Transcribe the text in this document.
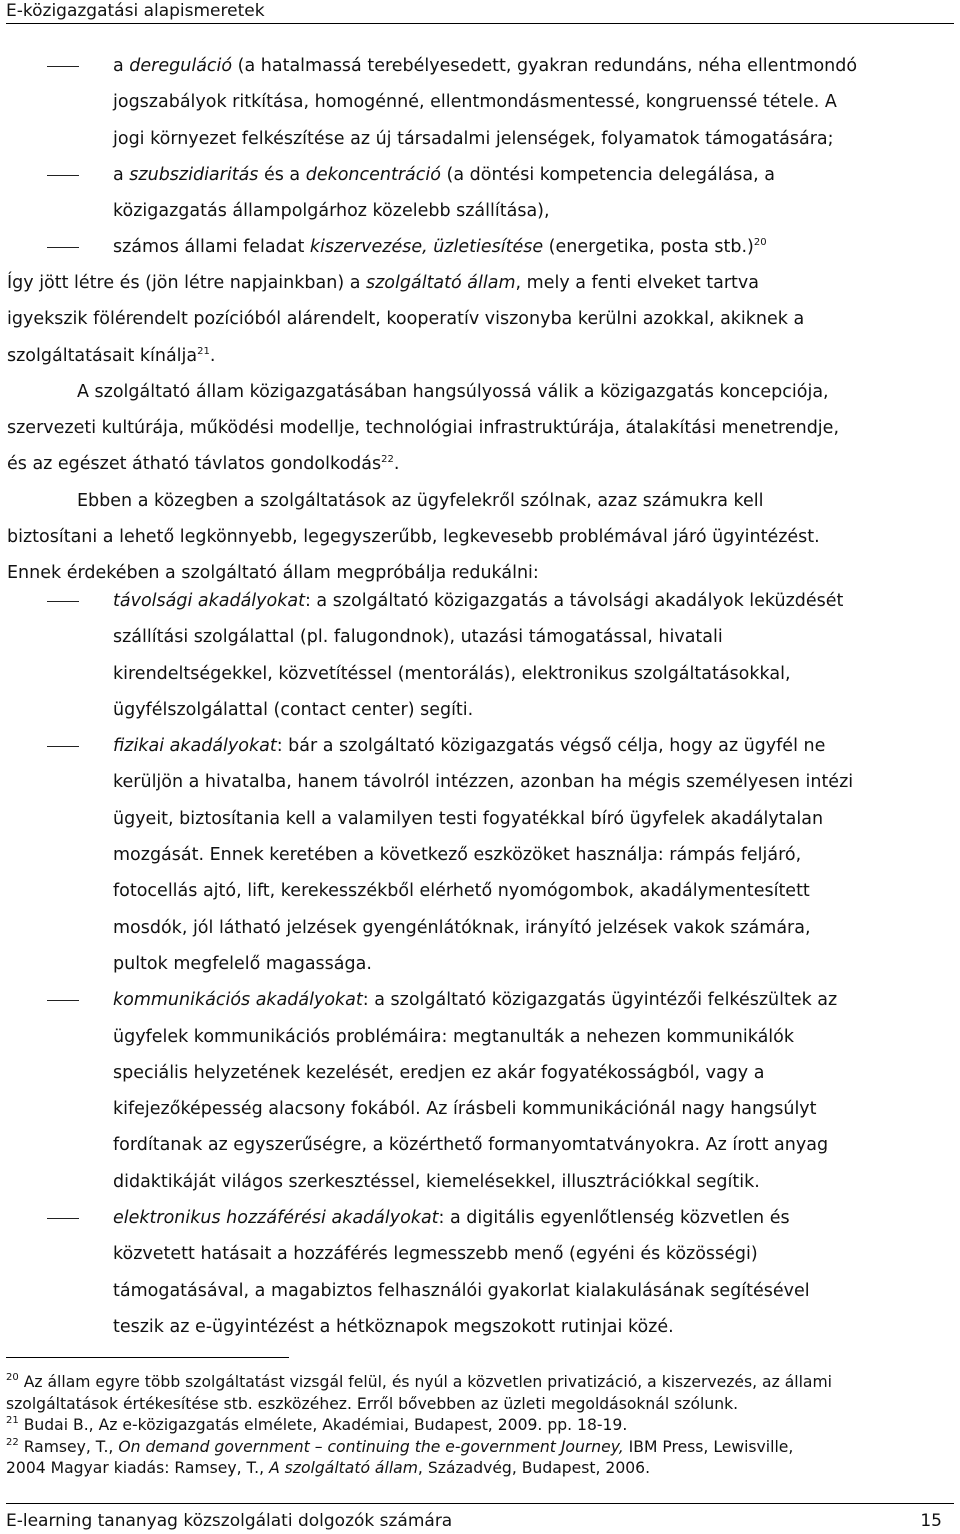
E-közigazgatási alapismeretek
a dereguláció (a hatalmassá terebélyesedett, gyakran redundáns, néha ellentmondó
jogszabályok ritkítása, homogénné, ellentmondásmentessé, kongruenssé tétele. A
jogi környezet felkészítése az új társadalmi jelenségek, folyamatok támogatására;
a szubszidiaritás és a dekoncentráció (a döntési kompetencia delegálása, a
közigazgatás állampolgárhoz közelebb szállítása),
számos állami feladat kiszervezése, üzletiesítése (energetika, posta stb.)$^{20}$
Így jött létre és (jön létre napjainkban) a szolgáltató állam, mely a fenti elveket tartva
igyekszik fölérendelt pozícióból alárendelt, kooperatív viszonyba kerülni azokkal, akiknek a
szolgáltatásait kínálja$^{21}$.
A szolgáltató állam közigazgatásában hangsúlyossá válik a közigazgatás koncepciója,
szervezeti kultúrája, működési modellje, technológiai infrastruktúrája, átalakítási menetrendje,
és az egészet átható távlatos gondolkodás$^{22}$.
Ebben a közegben a szolgáltatások az ügyfelekről szólnak, azaz számukra kell
biztosítani a lehető legkönnyebb, legegyszerűbb, legkevesebb problémával járó ügyintézést.
Ennek érdekében a szolgáltató állam megpróbálja redukálni:
távolsági akadályokat: a szolgáltató közigazgatás a távolsági akadályok leküzdését
szállítási szolgálattal (pl. falugondnok), utazási támogatással, hivatali
kirendeltségekkel, közvetítéssel (mentorálás), elektronikus szolgáltatásokkal,
ügyfélszolgálattal (contact center) segíti.
fizikai akadályokat: bár a szolgáltató közigazgatás végső célja, hogy az ügyfél ne
kerüljön a hivatalba, hanem távolról intézzen, azonban ha mégis személyesen intézi
ügyeit, biztosítania kell a valamilyen testi fogyatékkal bíró ügyfelek akadálytalan
mozgását. Ennek keretében a következő eszközöket használja: rámpás feljáró,
fotocellás ajtó, lift, kerekesszékből elérhető nyomógombok, akadálymentesített
mosdók, jól látható jelzések gyengénlátóknak, irányító jelzések vakok számára,
pultok megfelelő magassága.
kommunikációs akadályokat: a szolgáltató közigazgatás ügyintézői felkészültek az
ügyfelek kommunikációs problémáira: megtanulták a nehezen kommunikálók
speciális helyzetének kezelését, eredjen ez akár fogyatékosságból, vagy a
kifejezőképesség alacsony fokából. Az írásbeli kommunikációnál nagy hangsúlyt
fordítanak az egyszerűségre, a közérthető formanyomtatványokra. Az írott anyag
didaktikáját világos szerkesztéssel, kiemelésekkel, illusztrációkkal segítik.
elektronikus hozzáférési akadályokat: a digitális egyenlőtlenség közvetlen és
közvetett hatásait a hozzáférés legmesszebb menő (egyéni és közösségi)
támogatásával, a magabiztos felhasználói gyakorlat kialakulásának segítésével
teszik az e-ügyintézést a hétköznapok megszokott rutinjai közé.
$^{20}$ Az állam egyre több szolgáltatást vizsgál felül, és nyúl a közvetlen privatizáció, a kiszervezés, az állami
szolgáltatások értékesítése stb. eszközéhez. Erről bővebben az üzleti megoldásoknál szólunk.
$^{21}$ Budai B., Az e-közigazgatás elmélete, Akadémiai, Budapest, 2009. pp. 18-19.
$^{22}$ Ramsey, T., On demand government – continuing the e-government Journey, IBM Press, Lewisville,
2004 Magyar kiadás: Ramsey, T., A szolgáltató állam, Századvég, Budapest, 2006.
E-learning tananyag közszolgálati dolgozók számára	15
